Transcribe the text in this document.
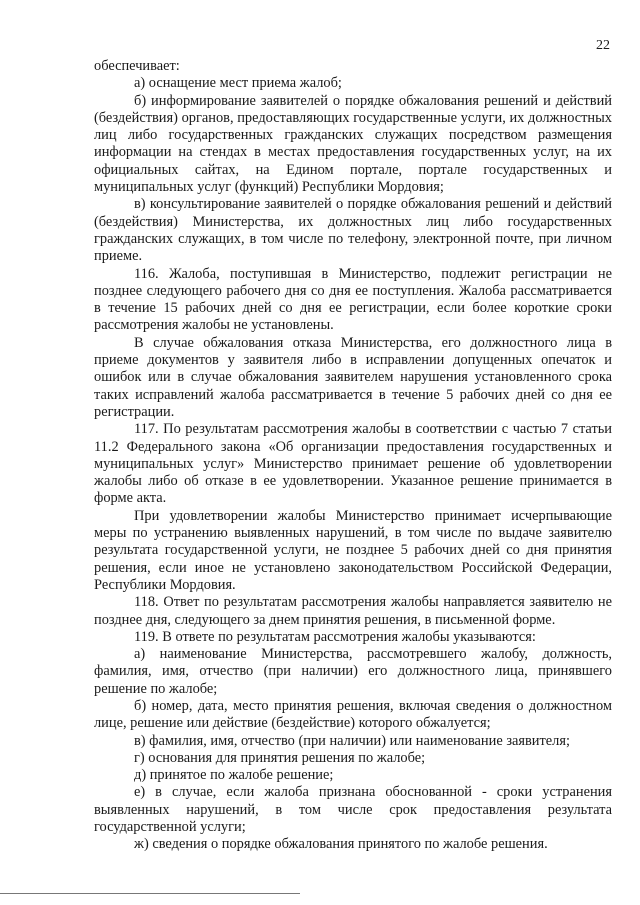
22

обеспечивает:

а) оснащение мест приема жалоб;

б) информирование заявителей о порядке обжалования решений и действий (бездействия) органов, предоставляющих государственные услуги, их должностных лиц либо государственных гражданских служащих посредством размещения информации на стендах в местах предоставления государственных услуг, на их официальных сайтах, на Едином портале, портале государственных и муниципальных услуг (функций) Республики Мордовия;

в) консультирование заявителей о порядке обжалования решений и действий (бездействия) Министерства, их должностных лиц либо государственных гражданских служащих, в том числе по телефону, электронной почте, при личном приеме.

116. Жалоба, поступившая в Министерство, подлежит регистрации не позднее следующего рабочего дня со дня ее поступления. Жалоба рассматривается в течение 15 рабочих дней со дня ее регистрации, если более короткие сроки рассмотрения жалобы не установлены.

В случае обжалования отказа Министерства, его должностного лица в приеме документов у заявителя либо в исправлении допущенных опечаток и ошибок или в случае обжалования заявителем нарушения установленного срока таких исправлений жалоба рассматривается в течение 5 рабочих дней со дня ее регистрации.

117. По результатам рассмотрения жалобы в соответствии с частью 7 статьи 11.2 Федерального закона «Об организации предоставления государственных и муниципальных услуг» Министерство принимает решение об удовлетворении жалобы либо об отказе в ее удовлетворении. Указанное решение принимается в форме акта.

При удовлетворении жалобы Министерство принимает исчерпывающие меры по устранению выявленных нарушений, в том числе по выдаче заявителю результата государственной услуги, не позднее 5 рабочих дней со дня принятия решения, если иное не установлено законодательством Российской Федерации, Республики Мордовия.

118. Ответ по результатам рассмотрения жалобы направляется заявителю не позднее дня, следующего за днем принятия решения, в письменной форме.

119. В ответе по результатам рассмотрения жалобы указываются:

а) наименование Министерства, рассмотревшего жалобу, должность, фамилия, имя, отчество (при наличии) его должностного лица, принявшего решение по жалобе;

б) номер, дата, место принятия решения, включая сведения о должностном лице, решение или действие (бездействие) которого обжалуется;

в) фамилия, имя, отчество (при наличии) или наименование заявителя;

г) основания для принятия решения по жалобе;

д) принятое по жалобе решение;

е) в случае, если жалоба признана обоснованной - сроки устранения выявленных нарушений, в том числе срок предоставления результата государственной услуги;

ж) сведения о порядке обжалования принятого по жалобе решения.
